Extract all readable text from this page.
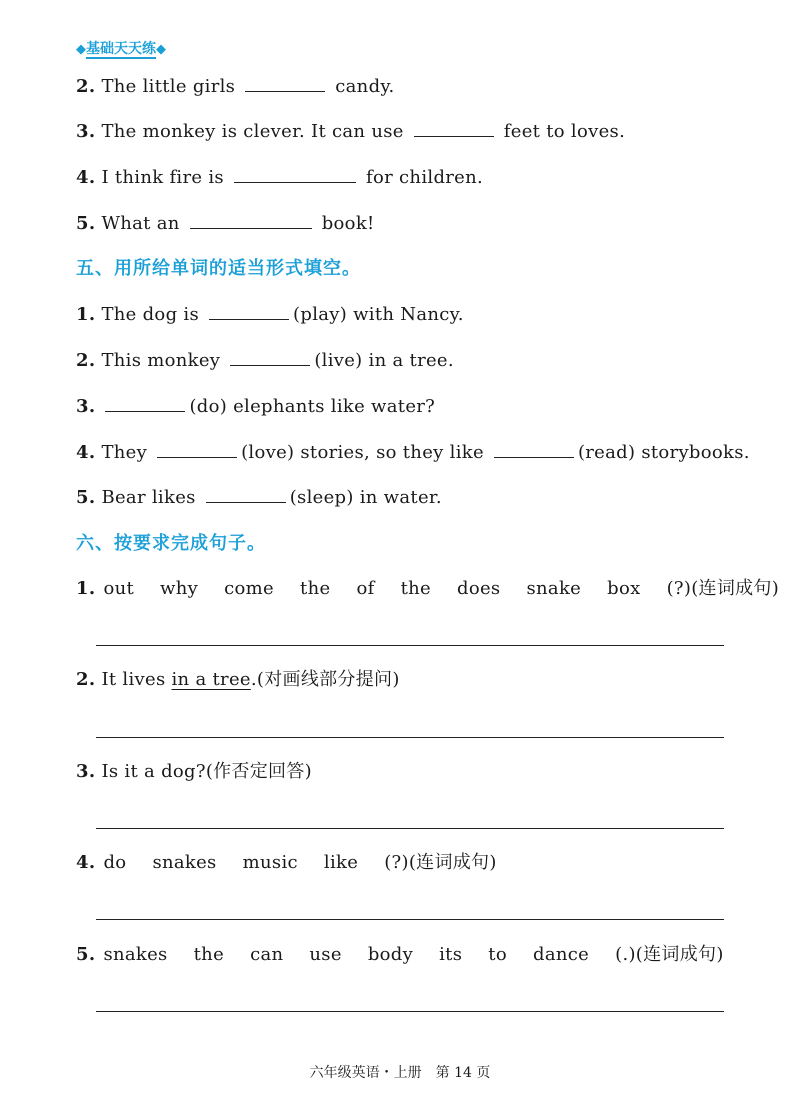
◆基础天天练◆
2. The little girls	candy.
3. The monkey is clever. It can use	feet to loves.
4. I think fire is	for children.
5. What an	book!
五、用所给单词的适当形式填空。
1. The dog is	(play) with Nancy.
2. This monkey	(live) in a tree.
3.	(do) elephants like water?
4. They	(love) stories, so they like	(read) storybooks.
5. Bear likes	(sleep) in water.
六、按要求完成句子。
1. out why come the of the does snake box (?)(连词成句)
2. It lives in a tree.(对画线部分提问)
3. Is it a dog?(作否定回答)
4. do snakes music like (?)(连词成句)
5. snakes the can use body its to dance (.)(连词成句)
六年级英语・上册　第 14 页
